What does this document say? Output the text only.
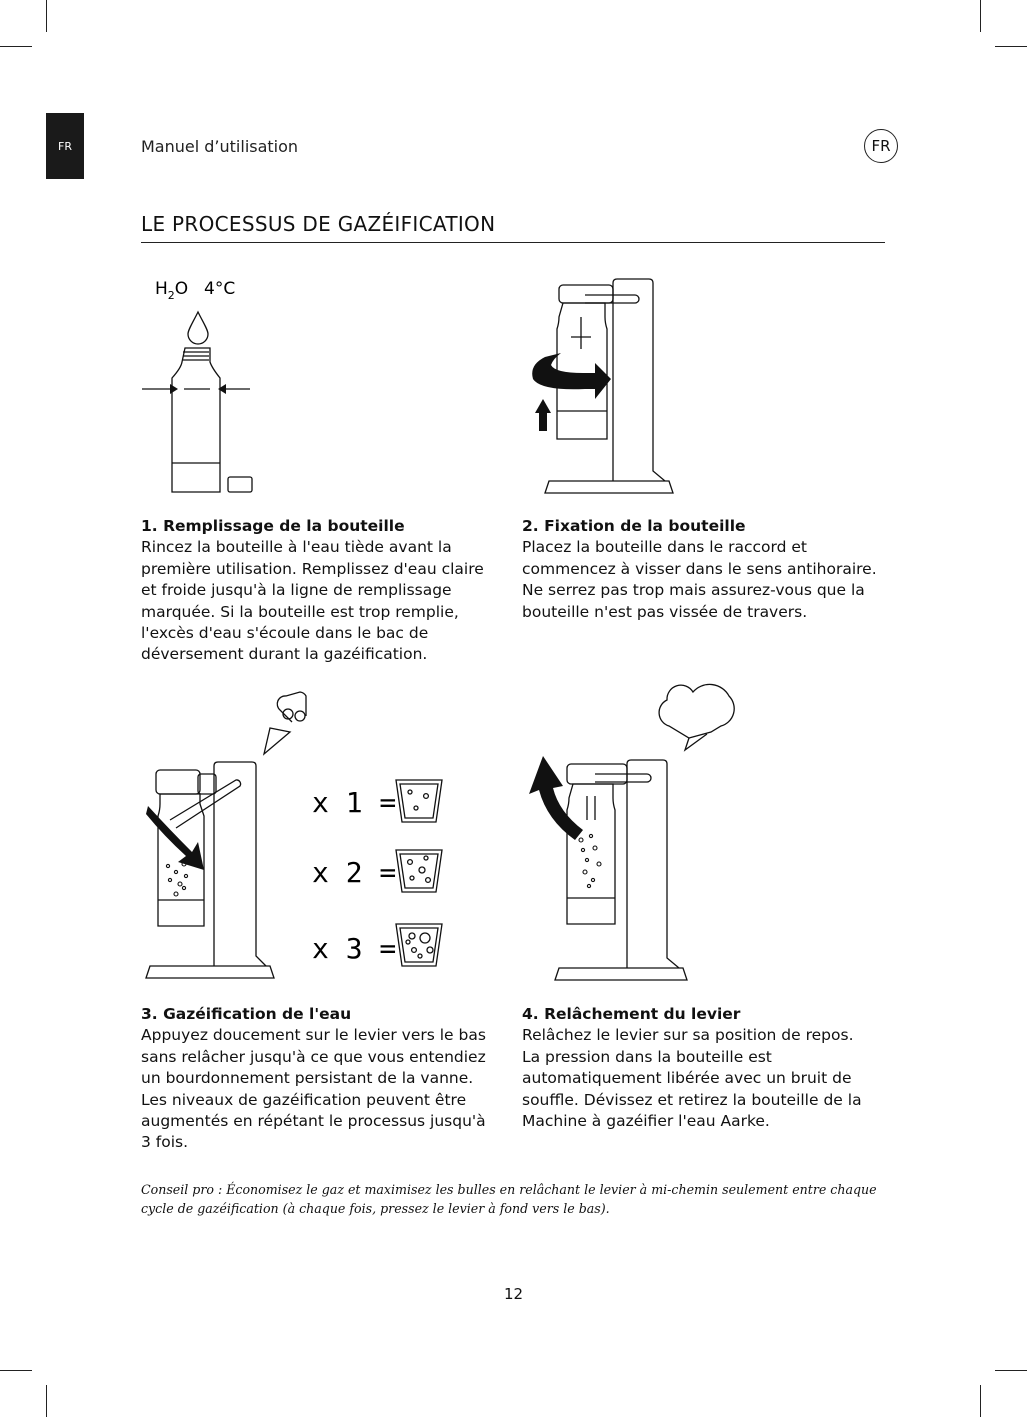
FR	Manuel d’utilisation	FR
LE PROCESSUS DE GAZÉIFICATION
$H_2O$ 4°C
x 1 =
x 2 =
x 3 =
1. Remplissage de la bouteille

Rincez la bouteille à l'eau tiède avant la première utilisation. Remplissez d'eau claire et froide jusqu'à la ligne de remplissage marquée. Si la bouteille est trop remplie, l'excès d'eau s'écoule dans le bac de déversement durant la gazéification.

2. Fixation de la bouteille

Placez la bouteille dans le raccord et commencez à visser dans le sens antihoraire. Ne serrez pas trop mais assurez-vous que la bouteille n'est pas vissée de travers.

3. Gazéification de l'eau

Appuyez doucement sur le levier vers le bas sans relâcher jusqu'à ce que vous entendiez un bourdonnement persistant de la vanne. Les niveaux de gazéification peuvent être augmentés en répétant le processus jusqu'à 3 fois.

4. Relâchement du levier

Relâchez le levier sur sa position de repos. La pression dans la bouteille est automatiquement libérée avec un bruit de souffle. Dévissez et retirez la bouteille de la Machine à gazéifier l'eau Aarke.

Conseil pro : Économisez le gaz et maximisez les bulles en relâchant le levier à mi-chemin seulement entre chaque cycle de gazéification (à chaque fois, pressez le levier à fond vers le bas).
12
